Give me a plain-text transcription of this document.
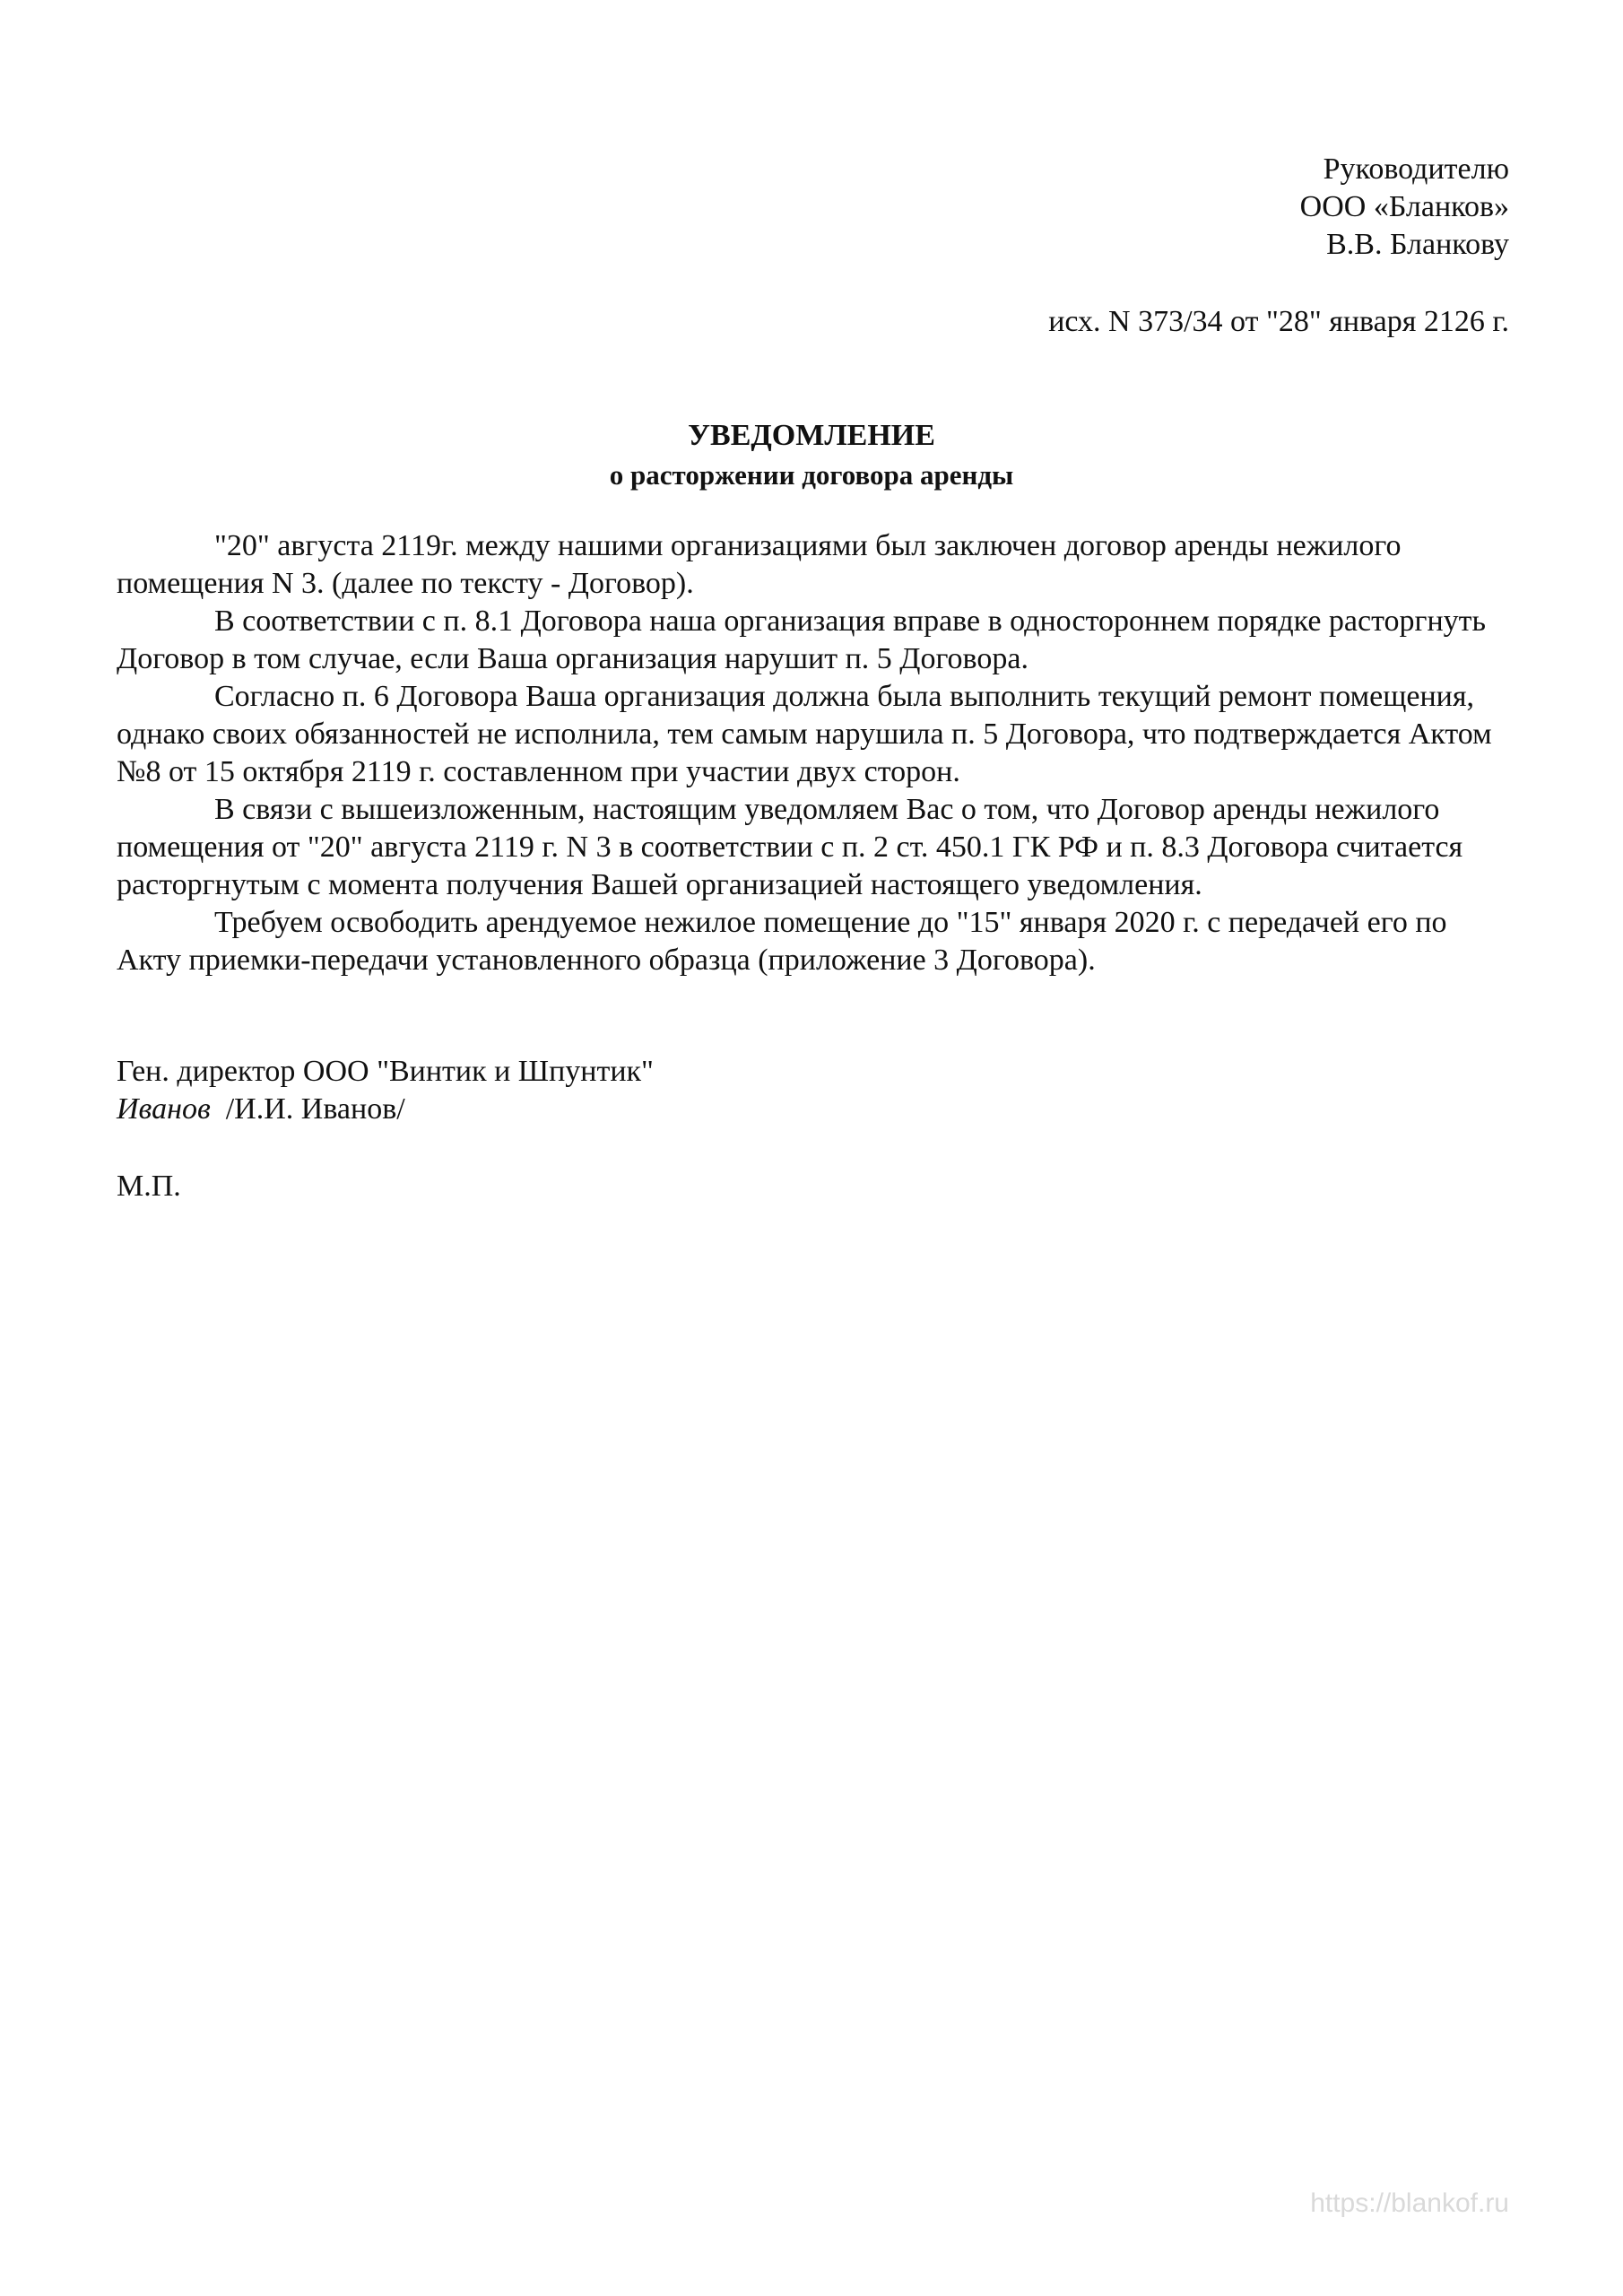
Руководителю
ООО «Бланков»
В.В. Бланкову
исх. N 373/34 от "28" января 2126 г.
УВЕДОМЛЕНИЕ
о расторжении договора аренды

"20" августа 2119г. между нашими организациями был заключен договор аренды нежилого помещения N 3. (далее по тексту - Договор).

В соответствии с п. 8.1 Договора наша организация вправе в одностороннем порядке расторгнуть Договор в том случае, если Ваша организация нарушит п. 5 Договора.

Согласно п. 6 Договора Ваша организация должна была выполнить текущий ремонт помещения, однако своих обязанностей не исполнила, тем самым нарушила п. 5 Договора, что подтверждается Актом №8 от 15 октября 2119 г. составленном при участии двух сторон.

В связи с вышеизложенным, настоящим уведомляем Вас о том, что Договор аренды нежилого помещения от "20" августа 2119 г. N 3 в соответствии с п. 2 ст. 450.1 ГК РФ и п. 8.3 Договора считается расторгнутым с момента получения Вашей организацией настоящего уведомления.

Требуем освободить арендуемое нежилое помещение до "15" января 2020 г. с передачей его по Акту приемки-передачи установленного образца (приложение 3 Договора).

Ген. директор ООО "Винтик и Шпунтик"
Иванов /И.И. Иванов/
М.П.
https://blankof.ru
